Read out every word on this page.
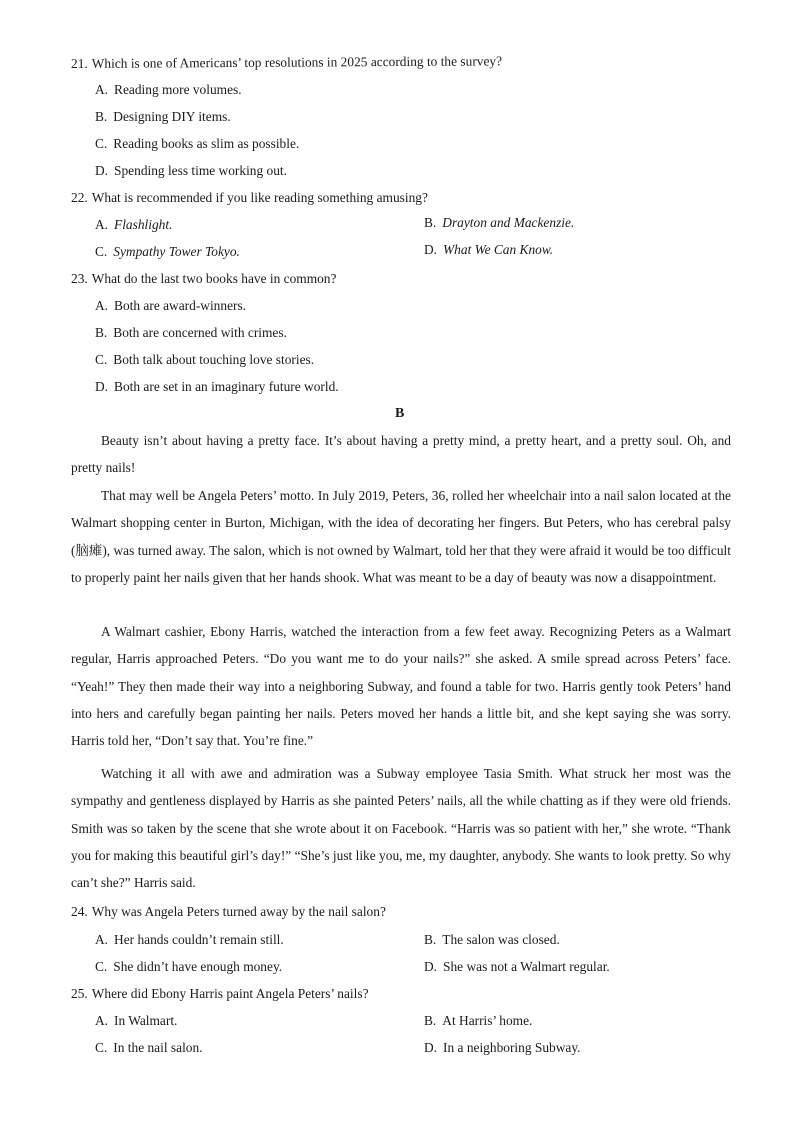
21. Which is one of Americans’ top resolutions in 2025 according to the survey?
A. Reading more volumes.
B. Designing DIY items.
C. Reading books as slim as possible.
D. Spending less time working out.
22. What is recommended if you like reading something amusing?
A. Flashlight.	B. Drayton and Mackenzie.
C. Sympathy Tower Tokyo.	D. What We Can Know.
23. What do the last two books have in common?
A. Both are award-winners.
B. Both are concerned with crimes.
C. Both talk about touching love stories.
D. Both are set in an imaginary future world.
B

Beauty isn’t about having a pretty face. It’s about having a pretty mind, a pretty heart, and a pretty soul. Oh, and pretty nails!

That may well be Angela Peters’ motto. In July 2019, Peters, 36, rolled her wheelchair into a nail salon located at the Walmart shopping center in Burton, Michigan, with the idea of decorating her fingers. But Peters, who has cerebral palsy (脑瘫), was turned away. The salon, which is not owned by Walmart, told her that they were afraid it would be too difficult to properly paint her nails given that her hands shook. What was meant to be a day of beauty was now a disappointment.

A Walmart cashier, Ebony Harris, watched the interaction from a few feet away. Recognizing Peters as a Walmart regular, Harris approached Peters. “Do you want me to do your nails?” she asked. A smile spread across Peters’ face. “Yeah!” They then made their way into a neighboring Subway, and found a table for two. Harris gently took Peters’ hand into hers and carefully began painting her nails. Peters moved her hands a little bit, and she kept saying she was sorry. Harris told her, “Don’t say that. You’re fine.”

Watching it all with awe and admiration was a Subway employee Tasia Smith. What struck her most was the sympathy and gentleness displayed by Harris as she painted Peters’ nails, all the while chatting as if they were old friends. Smith was so taken by the scene that she wrote about it on Facebook. “Harris was so patient with her,” she wrote. “Thank you for making this beautiful girl’s day!” “She’s just like you, me, my daughter, anybody. She wants to look pretty. So why can’t she?” Harris said.

24. Why was Angela Peters turned away by the nail salon?
A. Her hands couldn’t remain still.	B. The salon was closed.
C. She didn’t have enough money.	D. She was not a Walmart regular.
25. Where did Ebony Harris paint Angela Peters’ nails?
A. In Walmart.	B. At Harris’ home.
C. In the nail salon.	D. In a neighboring Subway.
